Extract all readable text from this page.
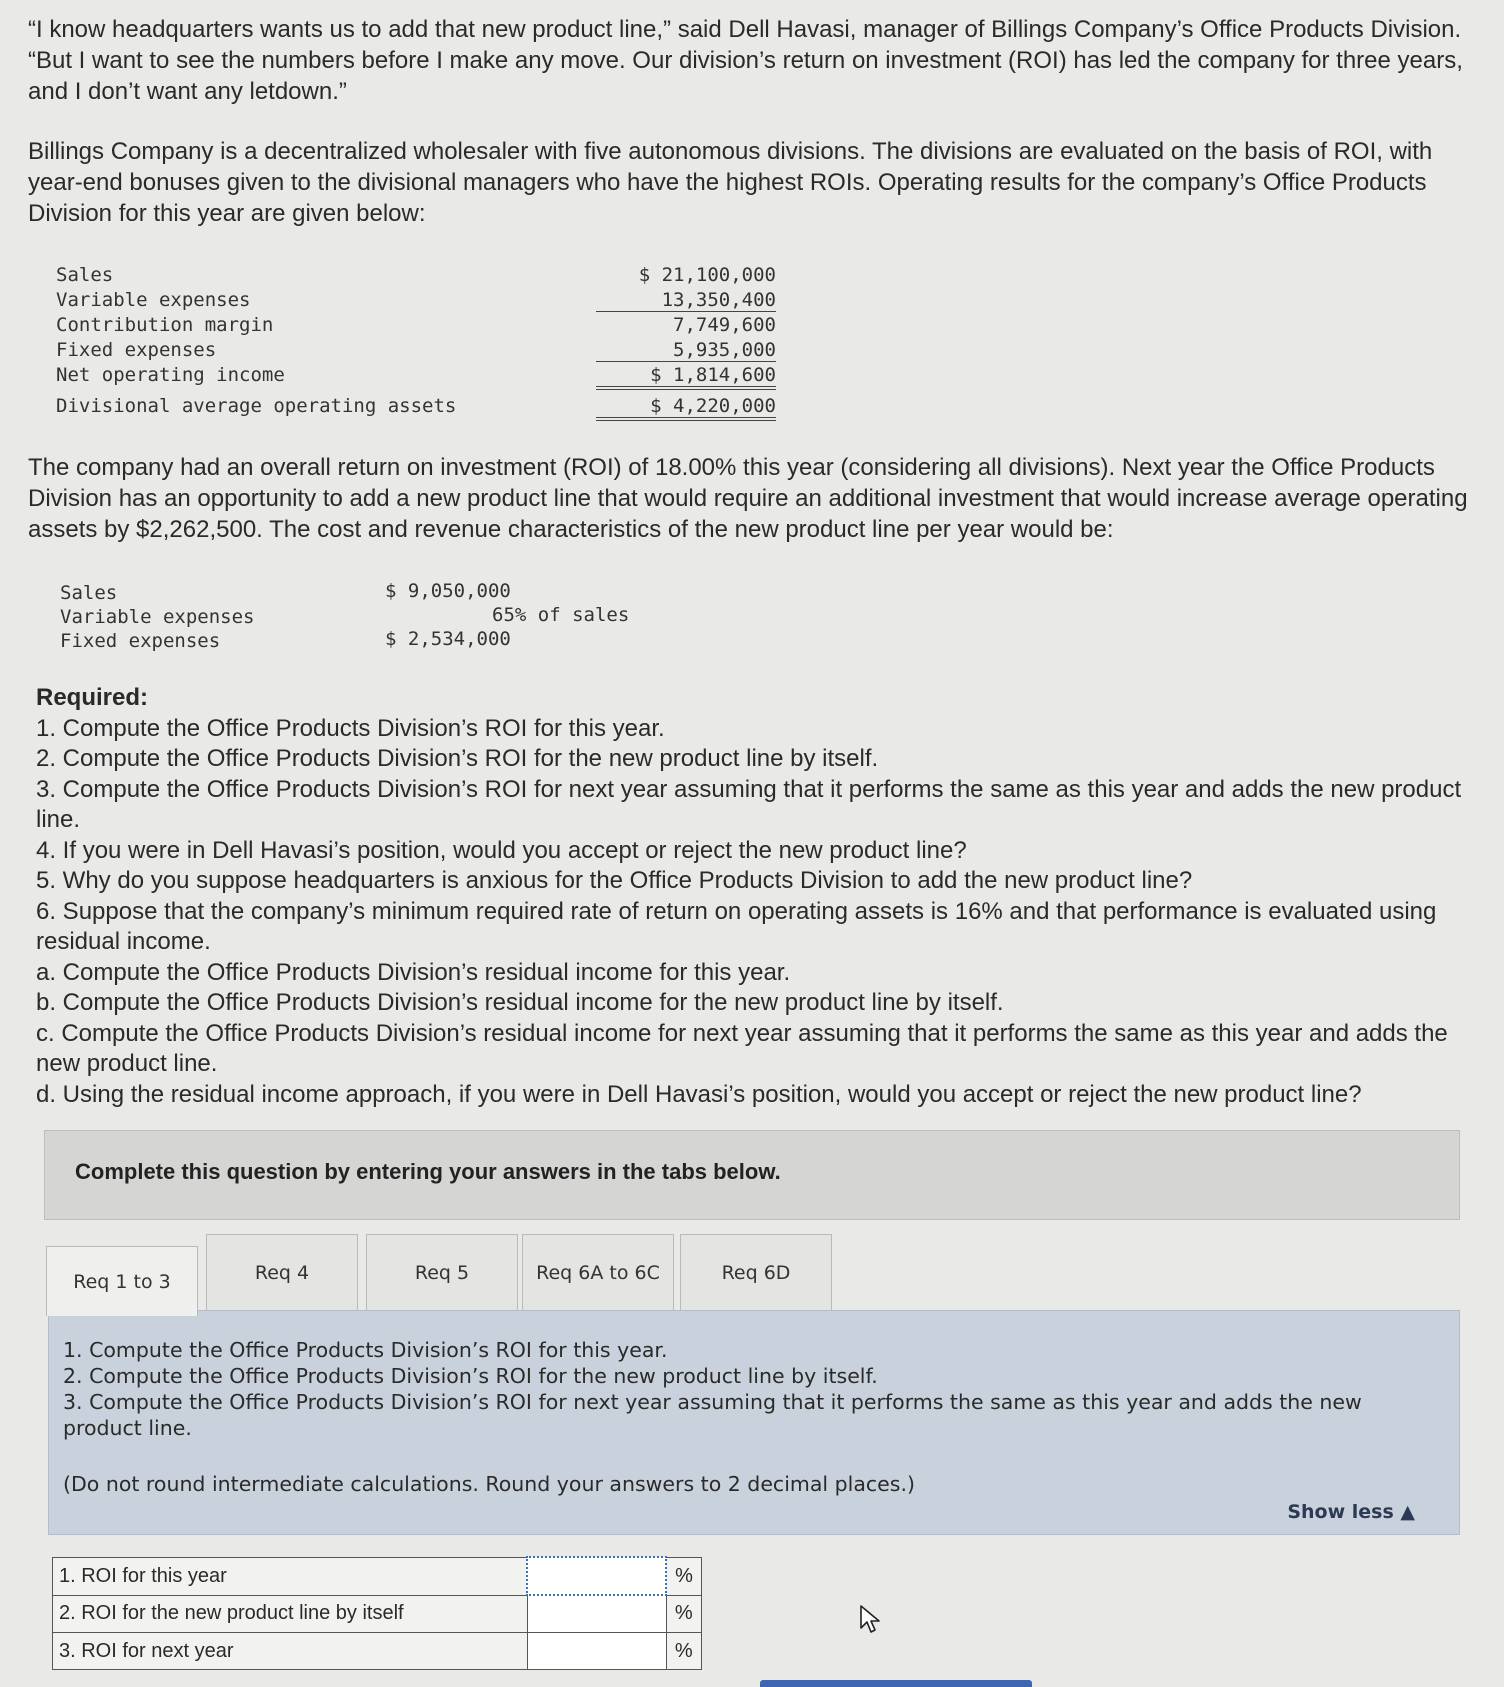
“I know headquarters wants us to add that new product line,” said Dell Havasi, manager of Billings Company’s Office Products Division. “But I want to see the numbers before I make any move. Our division’s return on investment (ROI) has led the company for three years, and I don’t want any letdown.”

Billings Company is a decentralized wholesaler with five autonomous divisions. The divisions are evaluated on the basis of ROI, with year-end bonuses given to the divisional managers who have the highest ROIs. Operating results for the company’s Office Products Division for this year are given below:

Sales	$ 21,100,000
Variable expenses	13,350,400
Contribution margin	7,749,600
Fixed expenses	5,935,000
Net operating income	$ 1,814,600
Divisional average operating assets	$ 4,220,000

The company had an overall return on investment (ROI) of 18.00% this year (considering all divisions). Next year the Office Products Division has an opportunity to add a new product line that would require an additional investment that would increase average operating assets by $2,262,500. The cost and revenue characteristics of the new product line per year would be:

Sales	$ 9,050,000
Variable expenses	65% of sales
Fixed expenses	$ 2,534,000
Required:

1. Compute the Office Products Division’s ROI for this year.

2. Compute the Office Products Division’s ROI for the new product line by itself.

3. Compute the Office Products Division’s ROI for next year assuming that it performs the same as this year and adds the new product line.

4. If you were in Dell Havasi’s position, would you accept or reject the new product line?

5. Why do you suppose headquarters is anxious for the Office Products Division to add the new product line?

6. Suppose that the company’s minimum required rate of return on operating assets is 16% and that performance is evaluated using residual income.

a. Compute the Office Products Division’s residual income for this year.

b. Compute the Office Products Division’s residual income for the new product line by itself.

c. Compute the Office Products Division’s residual income for next year assuming that it performs the same as this year and adds the new product line.

d. Using the residual income approach, if you were in Dell Havasi’s position, would you accept or reject the new product line?

Complete this question by entering your answers in the tabs below.
Req 1 to 3	Req 4	Req 5	Req 6A to 6C	Req 6D

1. Compute the Office Products Division’s ROI for this year.

2. Compute the Office Products Division’s ROI for the new product line by itself.

3. Compute the Office Products Division’s ROI for next year assuming that it performs the same as this year and adds the new product line.

(Do not round intermediate calculations. Round your answers to 2 decimal places.)
Show less ▲
1. ROI for this year		%
2. ROI for the new product line by itself		%
3. ROI for next year		%
